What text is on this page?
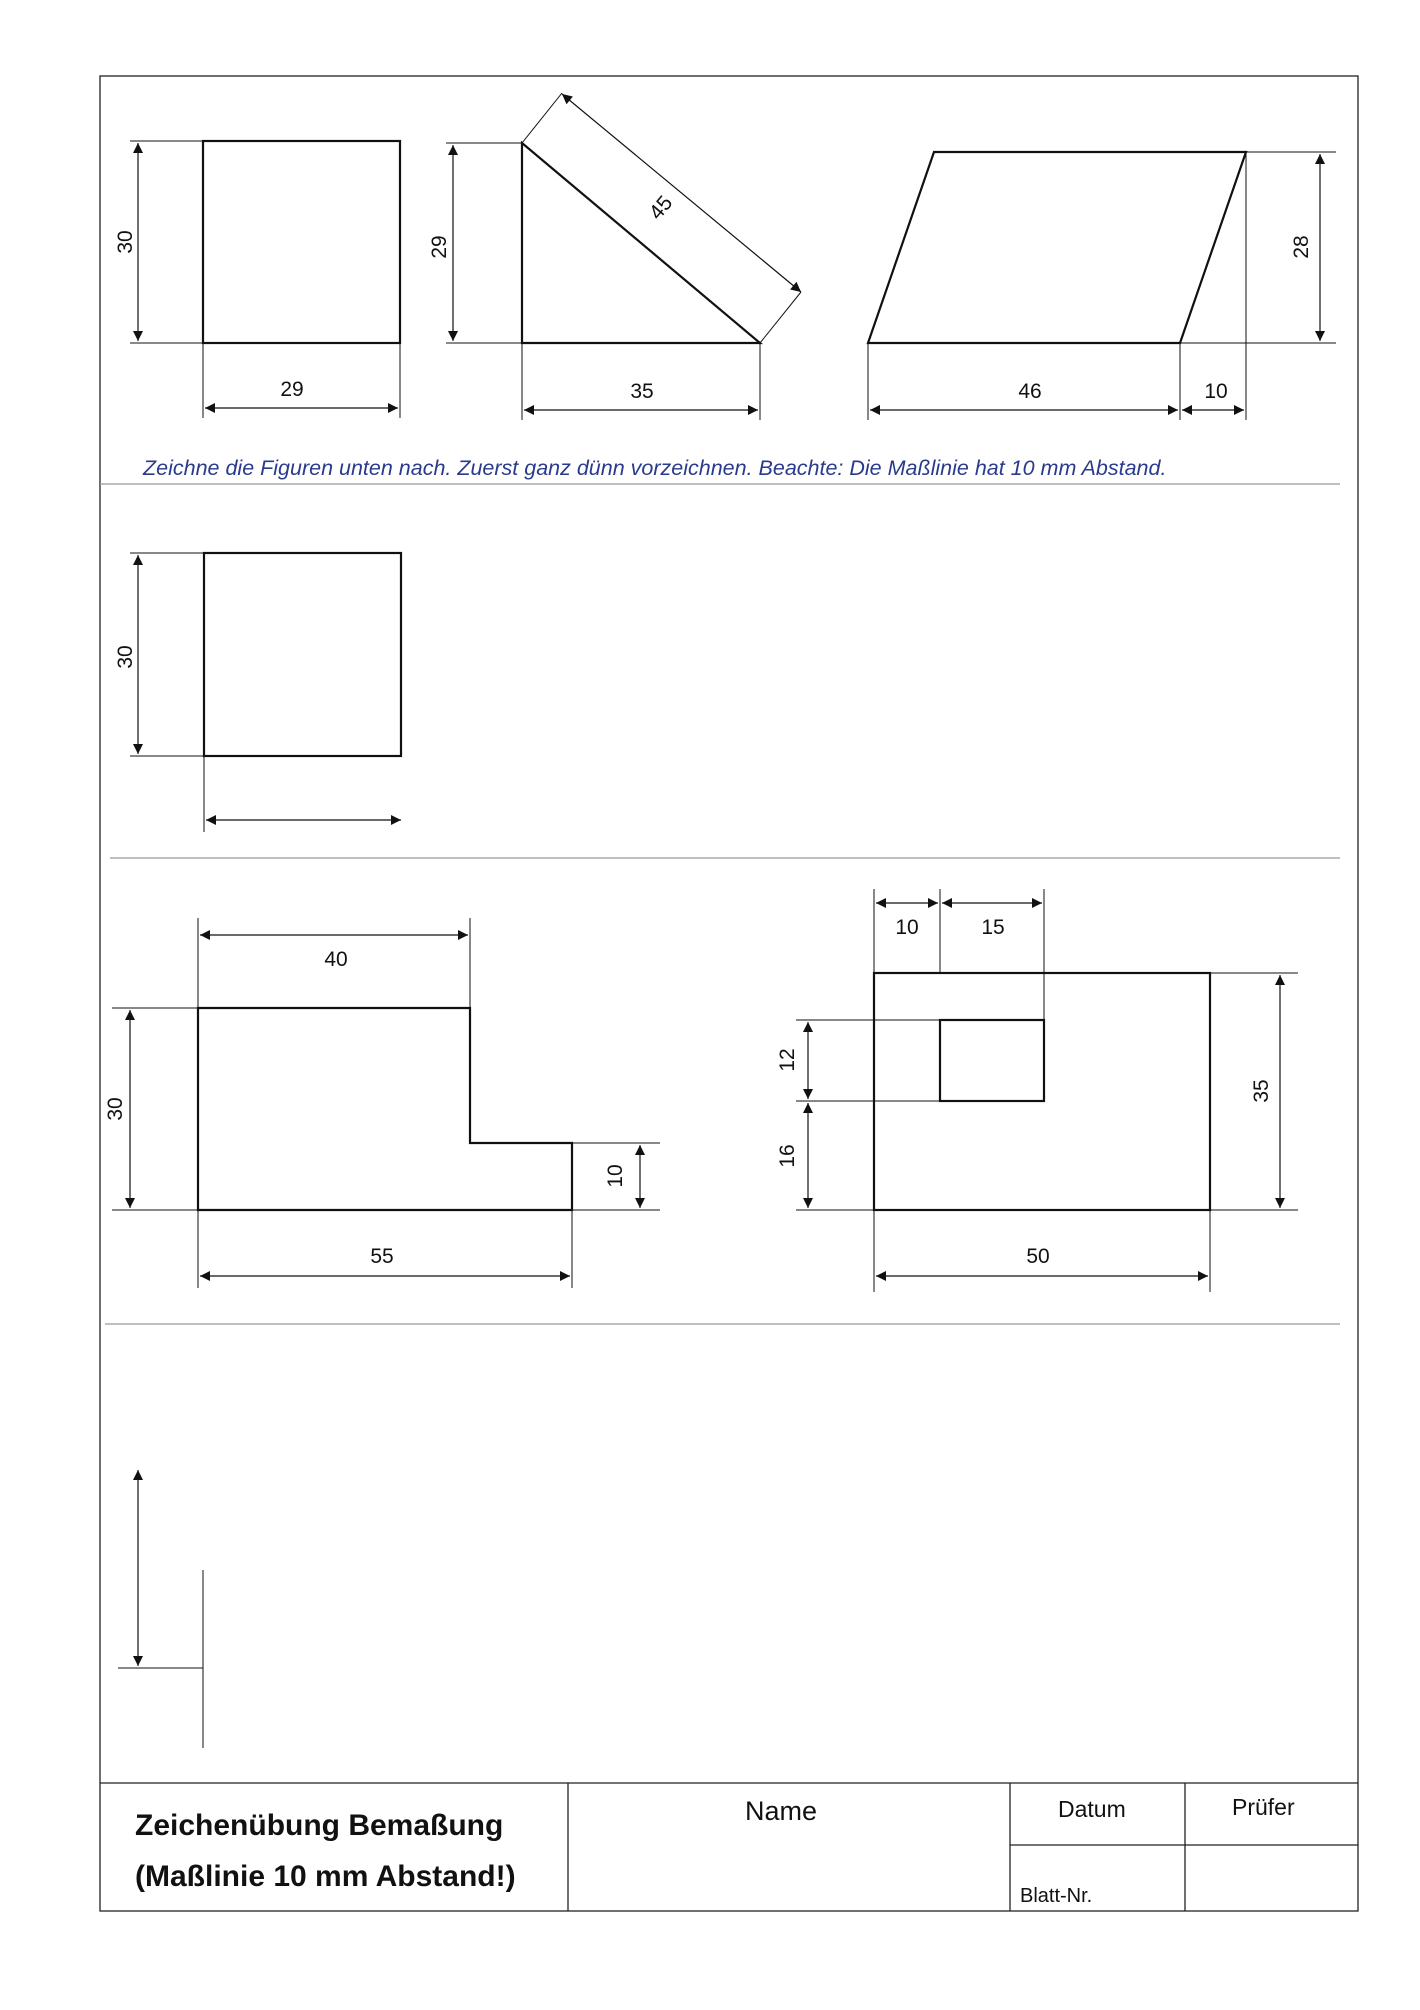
30
29
29
35
45
28
46	10
Zeichne die Figuren unten nach. Zuerst ganz dünn vorzeichnen. Beachte: Die Maßlinie hat 10 mm Abstand.
30
40
30
10
55
10	15
12
16
35
50
Zeichenübung Bemaßung
(Maßlinie 10 mm Abstand!)
Name	Datum	Prüfer
Blatt-Nr.
